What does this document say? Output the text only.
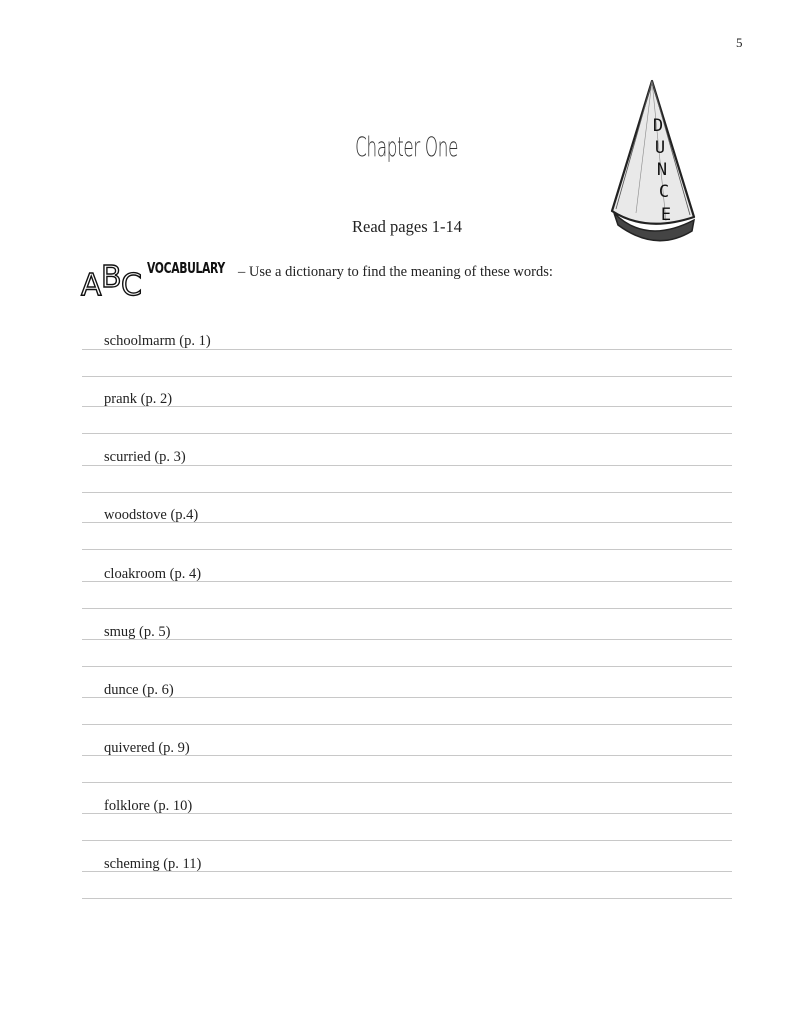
5
Chapter One
D
U
N
C
E
Read pages 1-14
A B C VOCABULARY – Use a dictionary to find the meaning of these words:
schoolmarm (p. 1)
prank (p. 2)
scurried (p. 3)
woodstove (p.4)
cloakroom (p. 4)
smug (p. 5)
dunce (p. 6)
quivered (p. 9)
folklore (p. 10)
scheming (p. 11)
